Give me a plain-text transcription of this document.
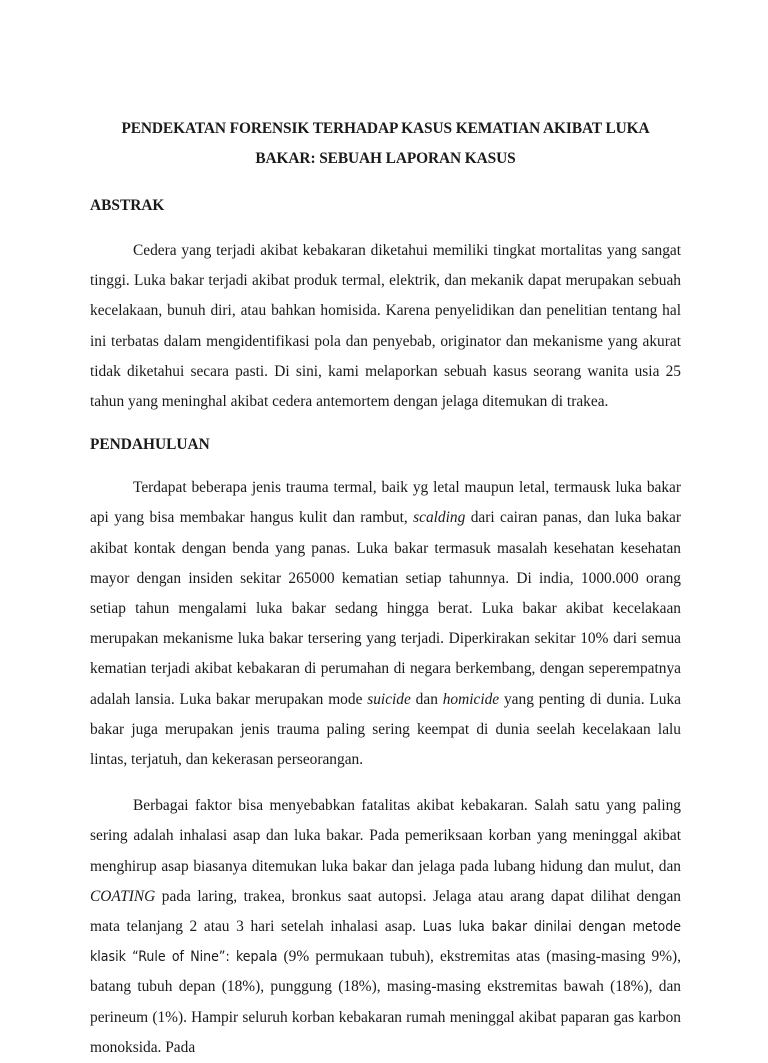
PENDEKATAN FORENSIK TERHADAP KASUS KEMATIAN AKIBAT LUKA
BAKAR: SEBUAH LAPORAN KASUS
ABSTRAK

Cedera yang terjadi akibat kebakaran diketahui memiliki tingkat mortalitas yang sangat tinggi. Luka bakar terjadi akibat produk termal, elektrik, dan mekanik dapat merupakan sebuah kecelakaan, bunuh diri, atau bahkan homisida. Karena penyelidikan dan penelitian tentang hal ini terbatas dalam mengidentifikasi pola dan penyebab, originator dan mekanisme yang akurat tidak diketahui secara pasti. Di sini, kami melaporkan sebuah kasus seorang wanita usia 25 tahun yang meninghal akibat cedera antemortem dengan jelaga ditemukan di trakea.

PENDAHULUAN

Terdapat beberapa jenis trauma termal, baik yg letal maupun letal, termausk luka bakar api yang bisa membakar hangus kulit dan rambut, scalding dari cairan panas, dan luka bakar akibat kontak dengan benda yang panas. Luka bakar termasuk masalah kesehatan kesehatan mayor dengan insiden sekitar 265000 kematian setiap tahunnya. Di india, 1000.000 orang setiap tahun mengalami luka bakar sedang hingga berat. Luka bakar akibat kecelakaan merupakan mekanisme luka bakar tersering yang terjadi. Diperkirakan sekitar 10% dari semua kematian terjadi akibat kebakaran di perumahan di negara berkembang, dengan seperempatnya adalah lansia. Luka bakar merupakan mode suicide dan homicide yang penting di dunia. Luka bakar juga merupakan jenis trauma paling sering keempat di dunia seelah kecelakaan lalu lintas, terjatuh, dan kekerasan perseorangan.

Berbagai faktor bisa menyebabkan fatalitas akibat kebakaran. Salah satu yang paling sering adalah inhalasi asap dan luka bakar. Pada pemeriksaan korban yang meninggal akibat menghirup asap biasanya ditemukan luka bakar dan jelaga pada lubang hidung dan mulut, dan COATING pada laring, trakea, bronkus saat autopsi. Jelaga atau arang dapat dilihat dengan mata telanjang 2 atau 3 hari setelah inhalasi asap. Luas luka bakar dinilai dengan metode klasik “Rule of Nine”: kepala (9% permukaan tubuh), ekstremitas atas (masing-masing 9%), batang tubuh depan (18%), punggung (18%), masing-masing ekstremitas bawah (18%), dan perineum (1%). Hampir seluruh korban kebakaran rumah meninggal akibat paparan gas karbon monoksida. Pada
